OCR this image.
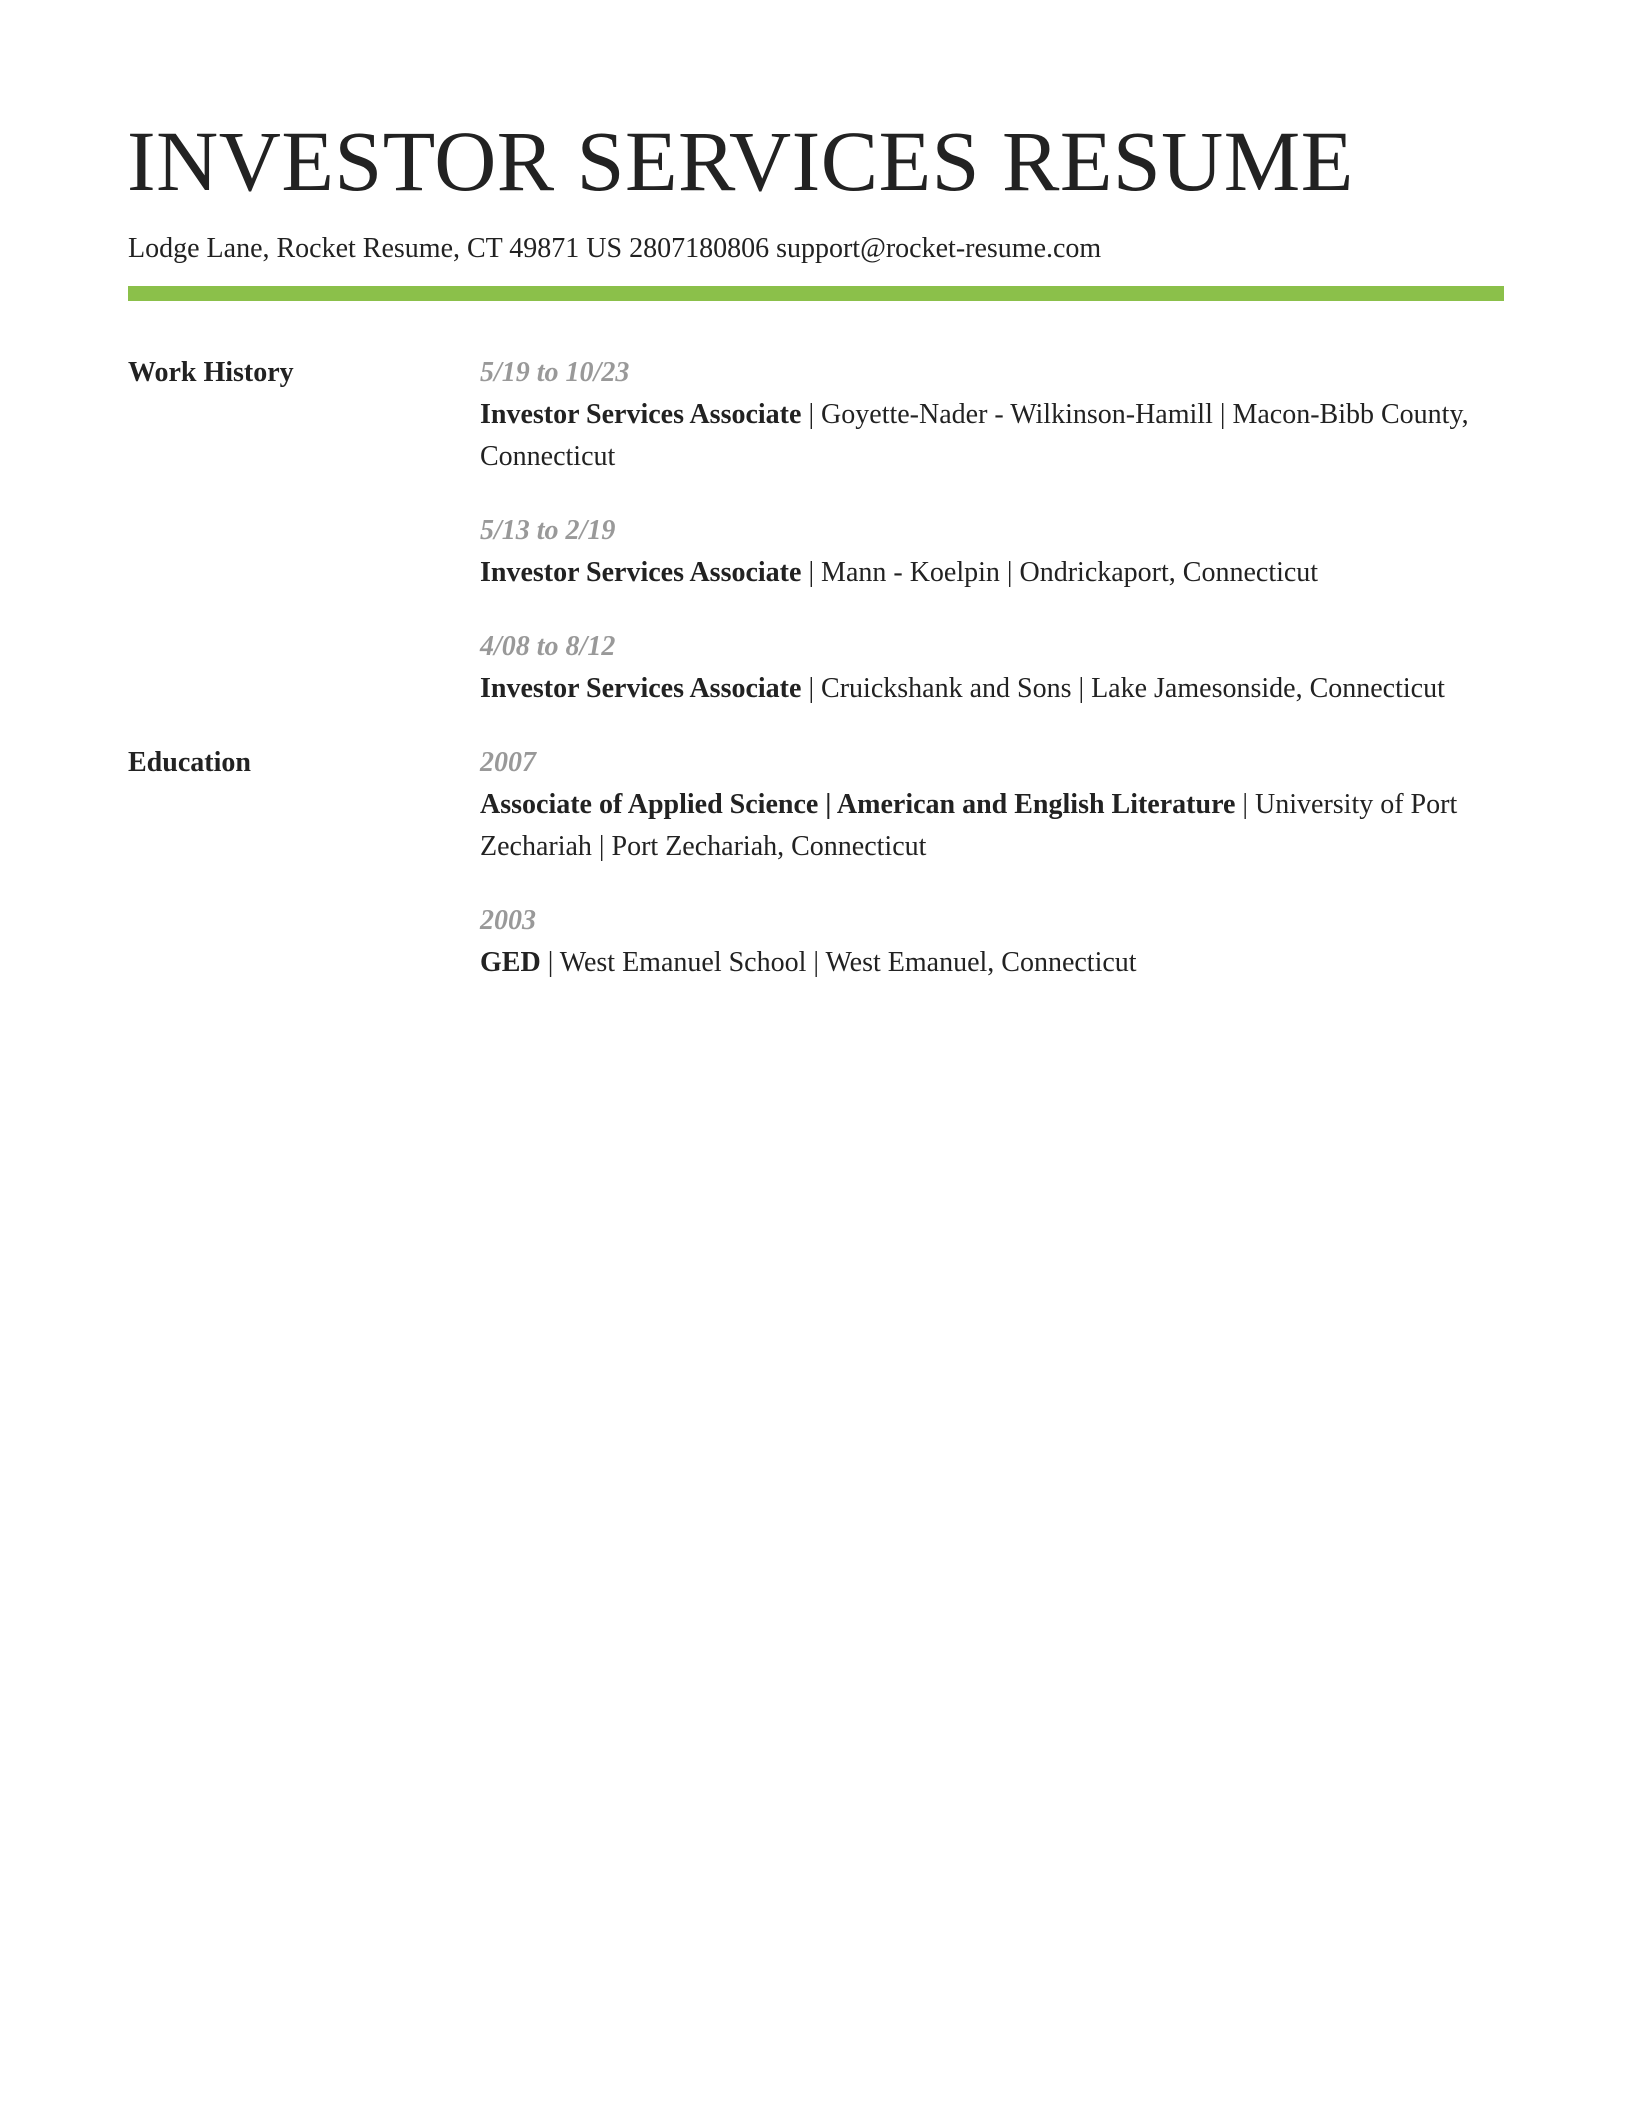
INVESTOR SERVICES RESUME
Lodge Lane, Rocket Resume, CT 49871 US 2807180806 support@rocket-resume.com
Work History	5/19 to 10/23
Investor Services Associate | Goyette-Nader - Wilkinson-Hamill | Macon-Bibb County, Connecticut
5/13 to 2/19
Investor Services Associate | Mann - Koelpin | Ondrickaport, Connecticut
4/08 to 8/12
Investor Services Associate | Cruickshank and Sons | Lake Jamesonside, Connecticut
Education	2007
Associate of Applied Science | American and English Literature | University of Port Zechariah | Port Zechariah, Connecticut
2003
GED | West Emanuel School | West Emanuel, Connecticut
